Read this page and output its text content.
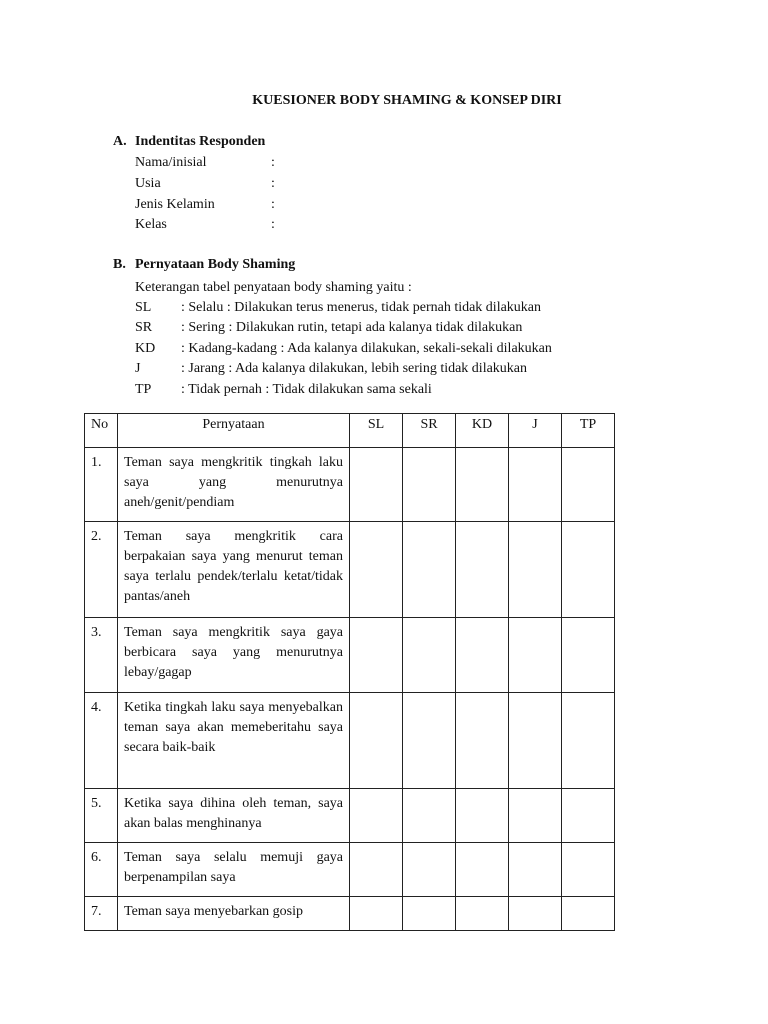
KUESIONER BODY SHAMING & KONSEP DIRI
A. Indentitas Responden
Nama/inisial	:
Usia	:
Jenis Kelamin	:
Kelas	:
B. Pernyataan Body Shaming
Keterangan tabel penyataan body shaming yaitu :
SL : Selalu : Dilakukan terus menerus, tidak pernah tidak dilakukan
SR : Sering : Dilakukan rutin, tetapi ada kalanya tidak dilakukan
KD : Kadang-kadang : Ada kalanya dilakukan, sekali-sekali dilakukan
J	: Jarang : Ada kalanya dilakukan, lebih sering tidak dilakukan
TP : Tidak pernah : Tidak dilakukan sama sekali
No	Pernyataan	SL	SR	KD	J	TP
1.	Teman saya mengkritik tingkah laku saya yang menurutnya aneh/genit/pendiam					
2.	Teman saya mengkritik cara berpakaian saya yang menurut teman saya terlalu pendek/terlalu ketat/tidak pantas/aneh					
3.	Teman saya mengkritik saya gaya berbicara saya yang menurutnya lebay/gagap					
4.	Ketika tingkah laku saya menyebalkan teman saya akan memeberitahu saya secara baik-baik					
5.	Ketika saya dihina oleh teman, saya akan balas menghinanya					
6.	Teman saya selalu memuji gaya berpenampilan saya					
7.	Teman saya menyebarkan gosip					
